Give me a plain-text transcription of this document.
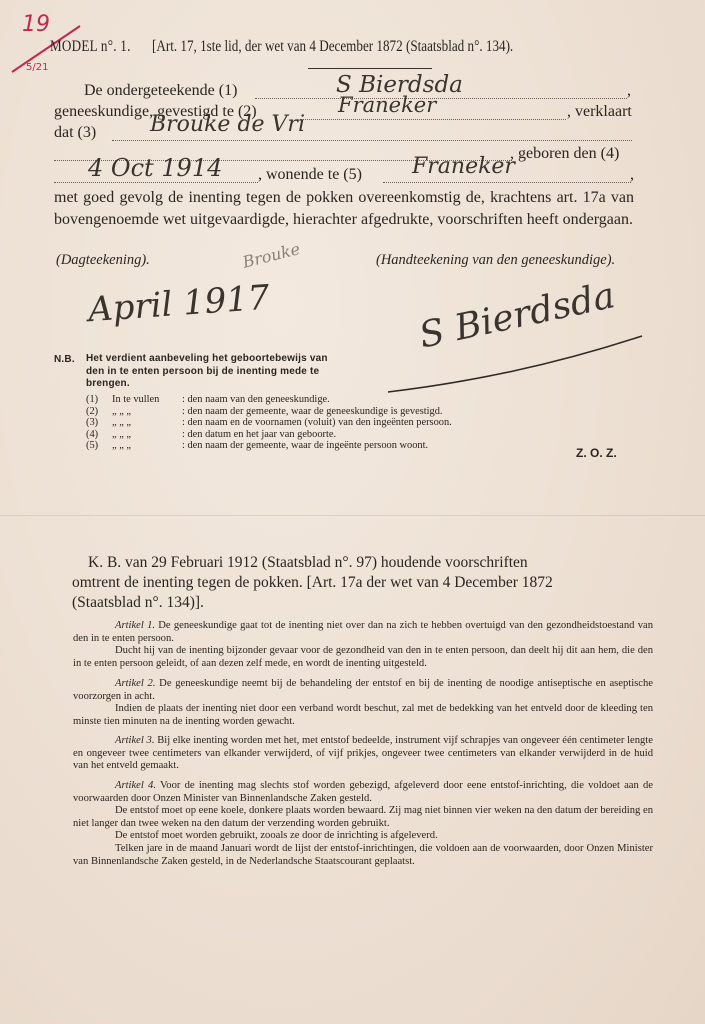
19
5/21
MODEL n°. 1. [Art. 17, 1ste lid, der wet van 4 December 1872 (Staatsblad n°. 134).
De ondergeteekende (1)	S Bierdsda	,
geneeskundige, gevestigd te (2)	Franeker	, verklaart
dat (3) Brouke de Vri
, geboren den (4)
4 Oct 1914 , wonende te (5) Franeker	,
met goed gevolg de inenting tegen de pokken overeenkomstig de, krachtens art. 17a van bovengenoemde wet uitgevaardigde, hierachter afgedrukte, voorschriften heeft ondergaan.
(Dagteekening).	(Handteekening van den geneeskundige).
Brouke
April 1917	S Bierdsda
N.B. Het verdient aanbeveling het geboortebewijs van den in te enten persoon bij de inenting mede te brengen.
(1) In te vullen : den naam van den geneeskundige.
(2) „ „ „	: den naam der gemeente, waar de geneeskundige is gevestigd.
(3) „ „ „	: den naam en de voornamen (voluit) van den ingeënten persoon.
(4) „ „ „	: den datum en het jaar van geboorte.
(5) „ „ „	: den naam der gemeente, waar de ingeënte persoon woont.
Z. O. Z.
K. B. van 29 Februari 1912 (Staatsblad n°. 97) houdende voorschriften
omtrent de inenting tegen de pokken. [Art. 17a der wet van 4 December 1872
(Staatsblad n°. 134)].

Artikel 1. De geneeskundige gaat tot de inenting niet over dan na zich te hebben overtuigd van den gezondheidstoestand van den in te enten persoon.

Ducht hij van de inenting bijzonder gevaar voor de gezondheid van den in te enten persoon, dan deelt hij dit aan hem, die den in te enten persoon geleidt, of aan dezen zelf mede, en wordt de inenting uitgesteld.

Artikel 2. De geneeskundige neemt bij de behandeling der entstof en bij de inenting de noodige antiseptische en aseptische voorzorgen in acht.

Indien de plaats der inenting niet door een verband wordt beschut, zal met de bedekking van het entveld door de kleeding ten minste tien minuten na de inenting worden gewacht.

Artikel 3. Bij elke inenting worden met het, met entstof bedeelde, instrument vijf schrapjes van ongeveer één centimeter lengte en ongeveer twee centimeters van elkander verwijderd, of vijf prikjes, ongeveer twee centimeters van elkander verwijderd in de huid van het entveld gemaakt.

Artikel 4. Voor de inenting mag slechts stof worden gebezigd, afgeleverd door eene entstof-inrichting, die voldoet aan de voorwaarden door Onzen Minister van Binnenlandsche Zaken gesteld.

De entstof moet op eene koele, donkere plaats worden bewaard. Zij mag niet binnen vier weken na den datum der bereiding en niet langer dan twee weken na den datum der verzending worden gebruikt.

De entstof moet worden gebruikt, zooals ze door de inrichting is afgeleverd.

Telken jare in de maand Januari wordt de lijst der entstof-inrichtingen, die voldoen aan de voorwaarden, door Onzen Minister van Binnenlandsche Zaken gesteld, in de Nederlandsche Staatscourant geplaatst.
